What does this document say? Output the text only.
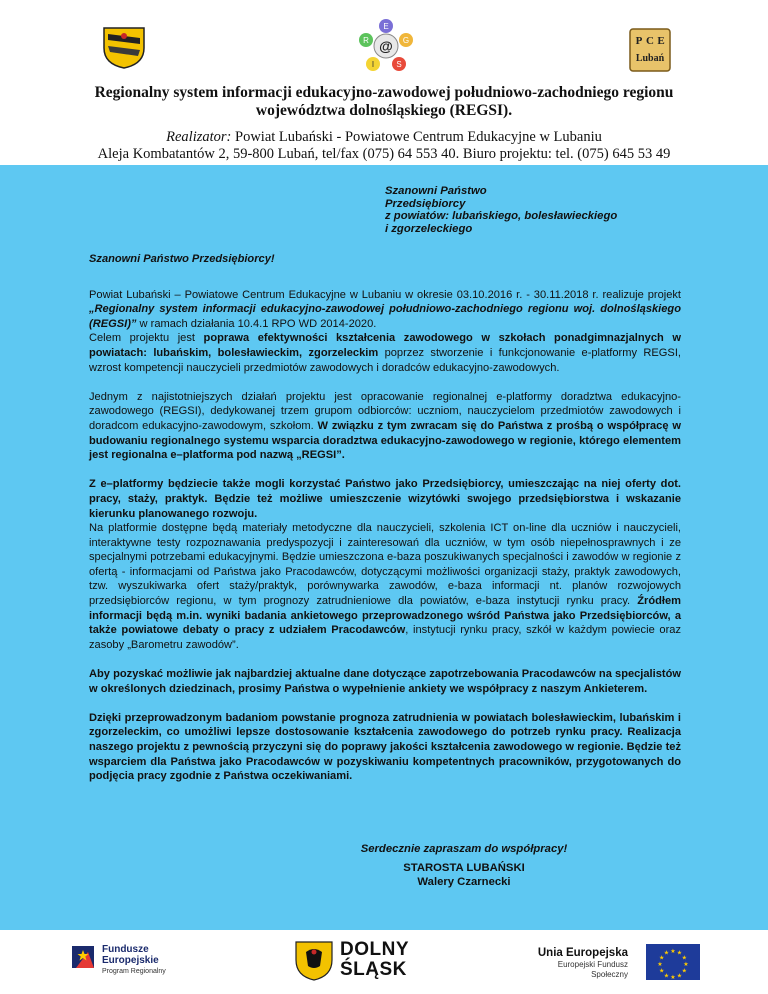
E
R @ G
I	S
P C E
Lubań
Regionalny system informacji edukacyjno-zawodowej południowo-zachodniego regionu
województwa dolnośląskiego (REGSI).
Realizator: Powiat Lubański - Powiatowe Centrum Edukacyjne w Lubaniu
Aleja Kombatantów 2, 59-800 Lubań, tel/fax (075) 64 553 40. Biuro projektu: tel. (075) 645 53 49
Szanowni Państwo
Przedsiębiorcy
z powiatów: lubańskiego, bolesławieckiego
i zgorzeleckiego

Szanowni Państwo Przedsiębiorcy!

Powiat Lubański – Powiatowe Centrum Edukacyjne w Lubaniu w okresie 03.10.2016 r. - 30.11.2018 r. realizuje projekt „Regionalny system informacji edukacyjno-zawodowej południowo-zachodniego regionu woj. dolnośląskiego (REGSI)” w ramach działania 10.4.1 RPO WD 2014-2020.

Celem projektu jest poprawa efektywności kształcenia zawodowego w szkołach ponadgimnazjalnych w powiatach: lubańskim, bolesławieckim, zgorzeleckim poprzez stworzenie i funkcjonowanie e-platformy REGSI, wzrost kompetencji nauczycieli przedmiotów zawodowych i doradców edukacyjno-zawodowych.

Jednym z najistotniejszych działań projektu jest opracowanie regionalnej e-platformy doradztwa edukacyjno-zawodowego (REGSI), dedykowanej trzem grupom odbiorców: uczniom, nauczycielom przedmiotów zawodowych i doradcom edukacyjno-zawodowym, szkołom. W związku z tym zwracam się do Państwa z prośbą o współpracę w budowaniu regionalnego systemu wsparcia doradztwa edukacyjno-zawodowego w regionie, którego elementem jest regionalna e–platforma pod nazwą „REGSI”.

Z e–platformy będziecie także mogli korzystać Państwo jako Przedsiębiorcy, umieszczając na niej oferty dot. pracy, staży, praktyk. Będzie też możliwe umieszczenie wizytówki swojego przedsiębiorstwa i wskazanie kierunku planowanego rozwoju.

Na platformie dostępne będą materiały metodyczne dla nauczycieli, szkolenia ICT on-line dla uczniów i nauczycieli, interaktywne testy rozpoznawania predyspozycji i zainteresowań dla uczniów, w tym osób niepełnosprawnych i ze specjalnymi potrzebami edukacyjnymi. Będzie umieszczona e-baza poszukiwanych specjalności i zawodów w regionie z ofertą - informacjami od Państwa jako Pracodawców, dotyczącymi możliwości organizacji staży, praktyk zawodowych, tzw. wyszukiwarka ofert staży/praktyk, porównywarka zawodów, e-baza informacji nt. planów rozwojowych przedsiębiorców regionu, w tym prognozy zatrudnieniowe dla powiatów, e-baza instytucji rynku pracy. Źródłem informacji będą m.in. wyniki badania ankietowego przeprowadzonego wśród Państwa jako Przedsiębiorców, a także powiatowe debaty o pracy z udziałem Pracodawców, instytucji rynku pracy, szkół w każdym powiecie oraz zasoby „Barometru zawodów”.

Aby pozyskać możliwie jak najbardziej aktualne dane dotyczące zapotrzebowania Pracodawców na specjalistów w określonych dziedzinach, prosimy Państwa o wypełnienie ankiety we współpracy z naszym Ankieterem.

Dzięki przeprowadzonym badaniom powstanie prognoza zatrudnienia w powiatach bolesławieckim, lubańskim i zgorzeleckim, co umożliwi lepsze dostosowanie kształcenia zawodowego do potrzeb rynku pracy. Realizacja naszego projektu z pewnością przyczyni się do poprawy jakości kształcenia zawodowego w regionie. Będzie też wsparciem dla Państwa jako Pracodawców w pozyskiwaniu kompetentnych pracowników, przygotowanych do podjęcia pracy zgodnie z Państwa oczekiwaniami.

Serdecznie zapraszam do współpracy!
STAROSTA LUBAŃSKI
Walery Czarnecki
Fundusze
Europejskie
Program Regionalny
DOLNY
ŚLĄSK
Unia Europejska
Europejski Fundusz Społeczny
★ ★
★
★
★
★
★
★
★
★
★
★
